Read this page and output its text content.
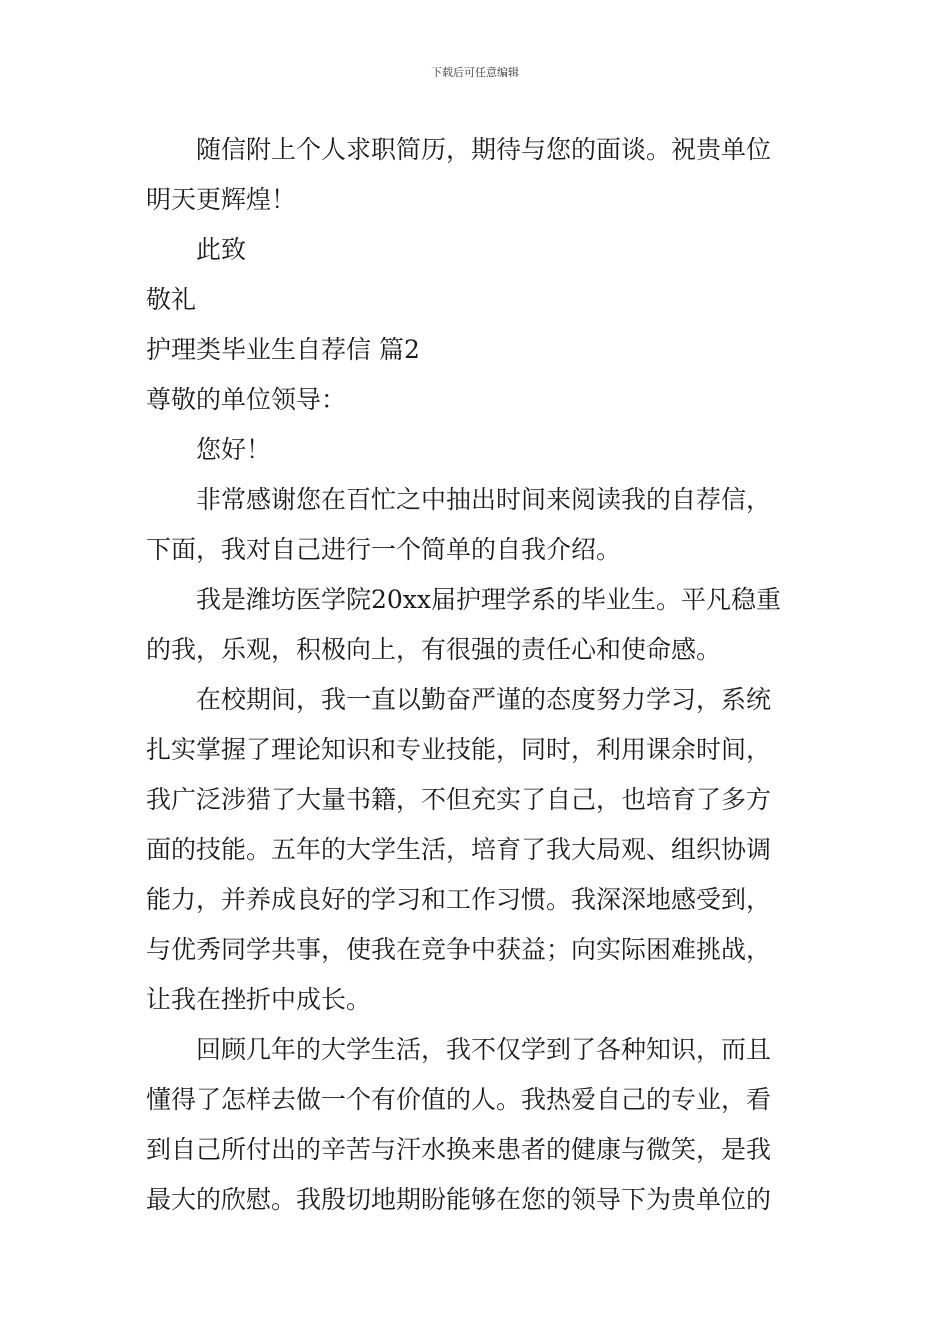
下载后可任意编辑

随信附上个人求职简历，期待与您的面谈。祝贵单位

明天更辉煌！

此致

敬礼

护理类毕业生自荐信 篇2

尊敬的单位领导：

您好！

非常感谢您在百忙之中抽出时间来阅读我的自荐信，

下面，我对自己进行一个简单的自我介绍。

我是潍坊医学院20xx届护理学系的毕业生。平凡稳重

的我，乐观，积极向上，有很强的责任心和使命感。

在校期间，我一直以勤奋严谨的态度努力学习，系统

扎实掌握了理论知识和专业技能，同时，利用课余时间，

我广泛涉猎了大量书籍，不但充实了自己，也培育了多方

面的技能。五年的大学生活，培育了我大局观、组织协调

能力，并养成良好的学习和工作习惯。我深深地感受到，

与优秀同学共事，使我在竞争中获益；向实际困难挑战，

让我在挫折中成长。

回顾几年的大学生活，我不仅学到了各种知识，而且

懂得了怎样去做一个有价值的人。我热爱自己的专业，看

到自己所付出的辛苦与汗水换来患者的健康与微笑，是我

最大的欣慰。我殷切地期盼能够在您的领导下为贵单位的
